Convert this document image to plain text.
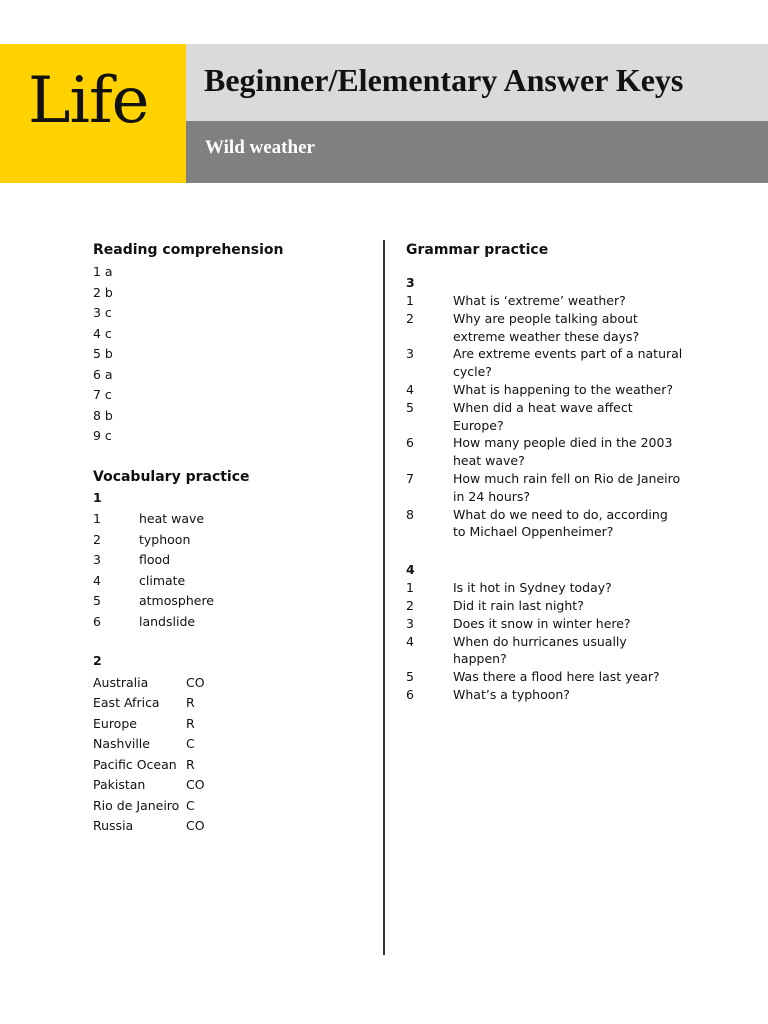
Life Beginner/Elementary Answer Keys
Wild weather
Reading comprehension
1 a
2 b
3 c
4 c
5 b
6 a
7 c
8 b
9 c
Vocabulary practice
1
1	heat wave
2	typhoon
3	flood
4	climate
5	atmosphere
6	landslide
2
Australia	CO
East Africa	R
Europe	R
Nashville	C
Pacific Ocean R
Pakistan	CO
Rio de Janeiro C
Russia	CO
Grammar practice
3
1	What is ‘extreme’ weather?
2	Why are people talking about extreme weather these days?
3	Are extreme events part of a natural cycle?
4	What is happening to the weather?
5	When did a heat wave affect Europe?
6	How many people died in the 2003 heat wave?
7	How much rain fell on Rio de Janeiro in 24 hours?
8	What do we need to do, according to Michael Oppenheimer?
4
1	Is it hot in Sydney today?
2	Did it rain last night?
3	Does it snow in winter here?
4	When do hurricanes usually happen?
5	Was there a flood here last year?
6	What’s a typhoon?
